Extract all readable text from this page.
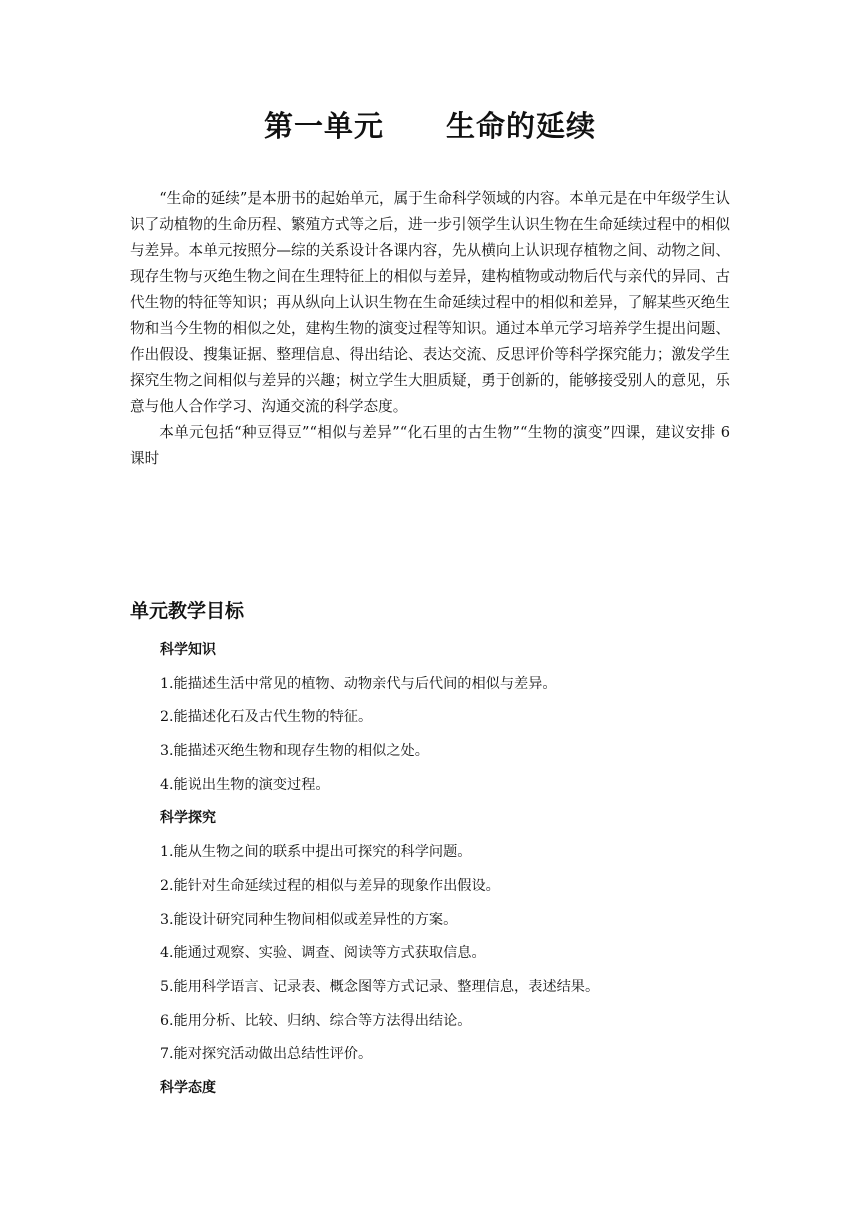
第一单元 生命的延续

“生命的延续”是本册书的起始单元，属于生命科学领域的内容。本单元是在中年级学生认识了动植物的生命历程、繁殖方式等之后，进一步引领学生认识生物在生命延续过程中的相似与差异。本单元按照分—综的关系设计各课内容，先从横向上认识现存植物之间、动物之间、现存生物与灭绝生物之间在生理特征上的相似与差异，建构植物或动物后代与亲代的异同、古代生物的特征等知识；再从纵向上认识生物在生命延续过程中的相似和差异，了解某些灭绝生物和当今生物的相似之处，建构生物的演变过程等知识。通过本单元学习培养学生提出问题、作出假设、搜集证据、整理信息、得出结论、表达交流、反思评价等科学探究能力；激发学生探究生物之间相似与差异的兴趣；树立学生大胆质疑，勇于创新的，能够接受别人的意见，乐意与他人合作学习、沟通交流的科学态度。

本单元包括“种豆得豆”“相似与差异”“化石里的古生物”“生物的演变”四课，建议安排 6 课时

单元教学目标
科学知识
1.能描述生活中常见的植物、动物亲代与后代间的相似与差异。
2.能描述化石及古代生物的特征。
3.能描述灭绝生物和现存生物的相似之处。
4.能说出生物的演变过程。
科学探究
1.能从生物之间的联系中提出可探究的科学问题。
2.能针对生命延续过程的相似与差异的现象作出假设。
3.能设计研究同种生物间相似或差异性的方案。
4.能通过观察、实验、调查、阅读等方式获取信息。
5.能用科学语言、记录表、概念图等方式记录、整理信息，表述结果。
6.能用分析、比较、归纳、综合等方法得出结论。
7.能对探究活动做出总结性评价。
科学态度
